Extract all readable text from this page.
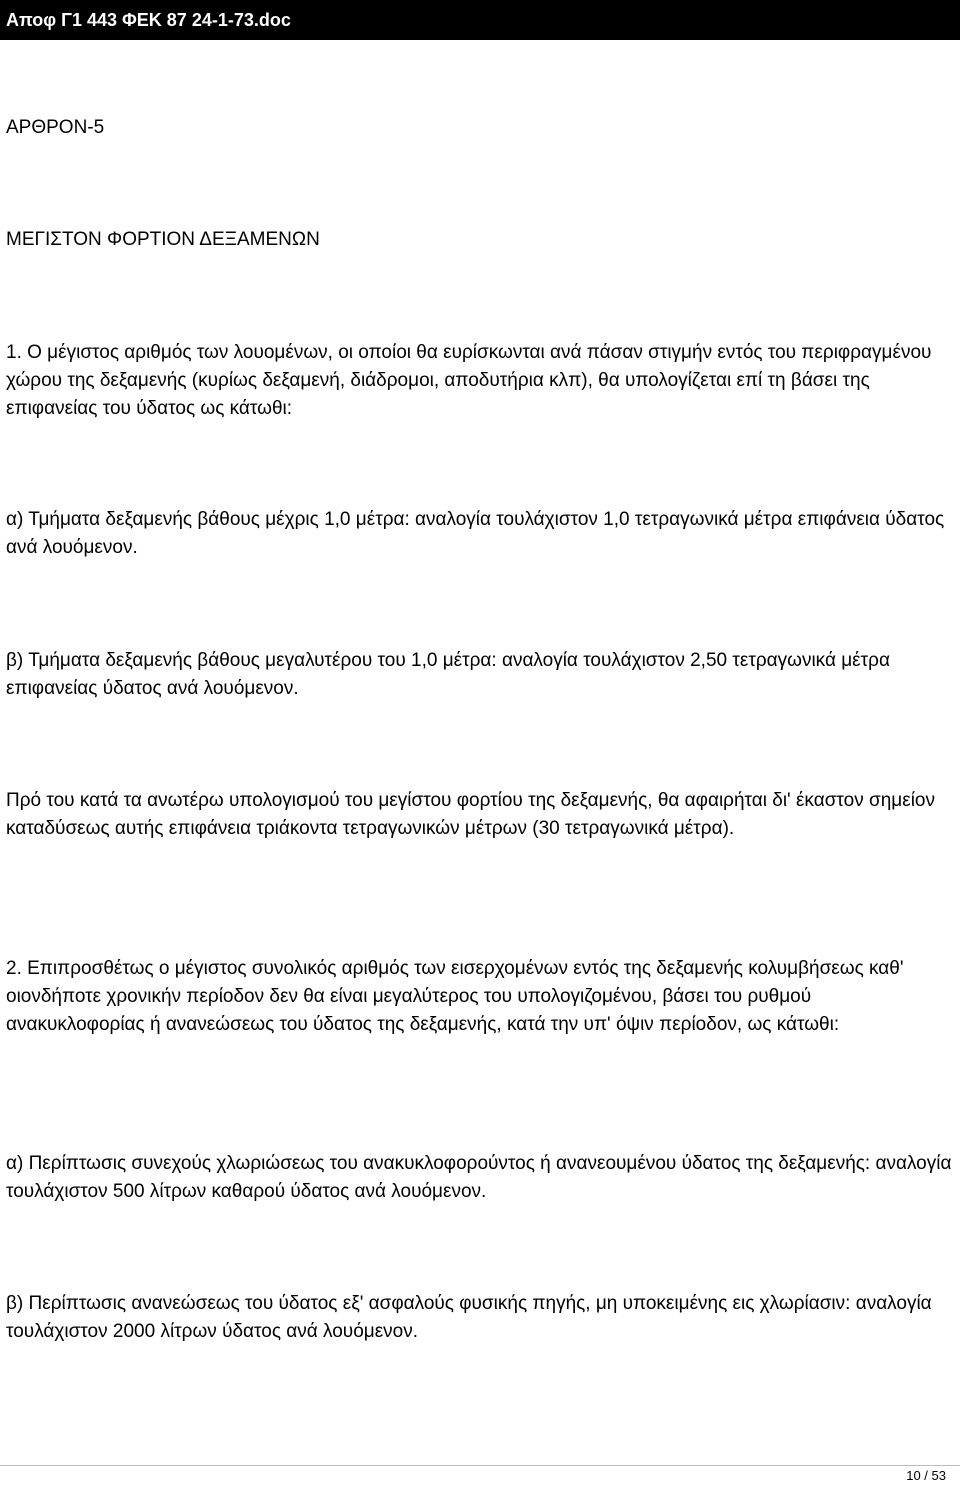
Αποφ Γ1 443 ΦΕΚ 87 24-1-73.doc

ΑΡΘΡΟΝ-5

ΜΕΓΙΣΤΟΝ ΦΟΡΤΙΟΝ ΔΕΞΑΜΕΝΩΝ

1. Ο μέγιστος αριθμός των λουομένων, οι οποίοι θα ευρίσκωνται ανά πάσαν στιγμήν εντός του περιφραγμένου χώρου της δεξαμενής (κυρίως δεξαμενή, διάδρομοι, αποδυτήρια κλπ), θα υπολογίζεται επί τη βάσει της επιφανείας του ύδατος ως κάτωθι:

α) Τμήματα δεξαμενής βάθους μέχρις 1,0 μέτρα: αναλογία τουλάχιστον 1,0 τετραγωνικά μέτρα επιφάνεια ύδατος ανά λουόμενον.

β) Τμήματα δεξαμενής βάθους μεγαλυτέρου του 1,0 μέτρα: αναλογία τουλάχιστον 2,50 τετραγωνικά μέτρα επιφανείας ύδατος ανά λουόμενον.

Πρό του κατά τα ανωτέρω υπολογισμού του μεγίστου φορτίου της δεξαμενής, θα αφαιρήται δι' έκαστον σημείον καταδύσεως αυτής επιφάνεια τριάκοντα τετραγωνικών μέτρων (30 τετραγωνικά μέτρα).

2. Επιπροσθέτως ο μέγιστος συνολικός αριθμός των εισερχομένων εντός της δεξαμενής κολυμβήσεως καθ' οιονδήποτε χρονικήν περίοδον δεν θα είναι μεγαλύτερος του υπολογιζομένου, βάσει του ρυθμού ανακυκλοφορίας ή ανανεώσεως του ύδατος της δεξαμενής, κατά την υπ' όψιν περίοδον, ως κάτωθι:

α) Περίπτωσις συνεχούς χλωριώσεως του ανακυκλοφορούντος ή ανανεουμένου ύδατος της δεξαμενής: αναλογία τουλάχιστον 500 λίτρων καθαρού ύδατος ανά λουόμενον.

β) Περίπτωσις ανανεώσεως του ύδατος εξ' ασφαλούς φυσικής πηγής, μη υποκειμένης εις χλωρίασιν: αναλογία τουλάχιστον 2000 λίτρων ύδατος ανά λουόμενον.

10 / 53
